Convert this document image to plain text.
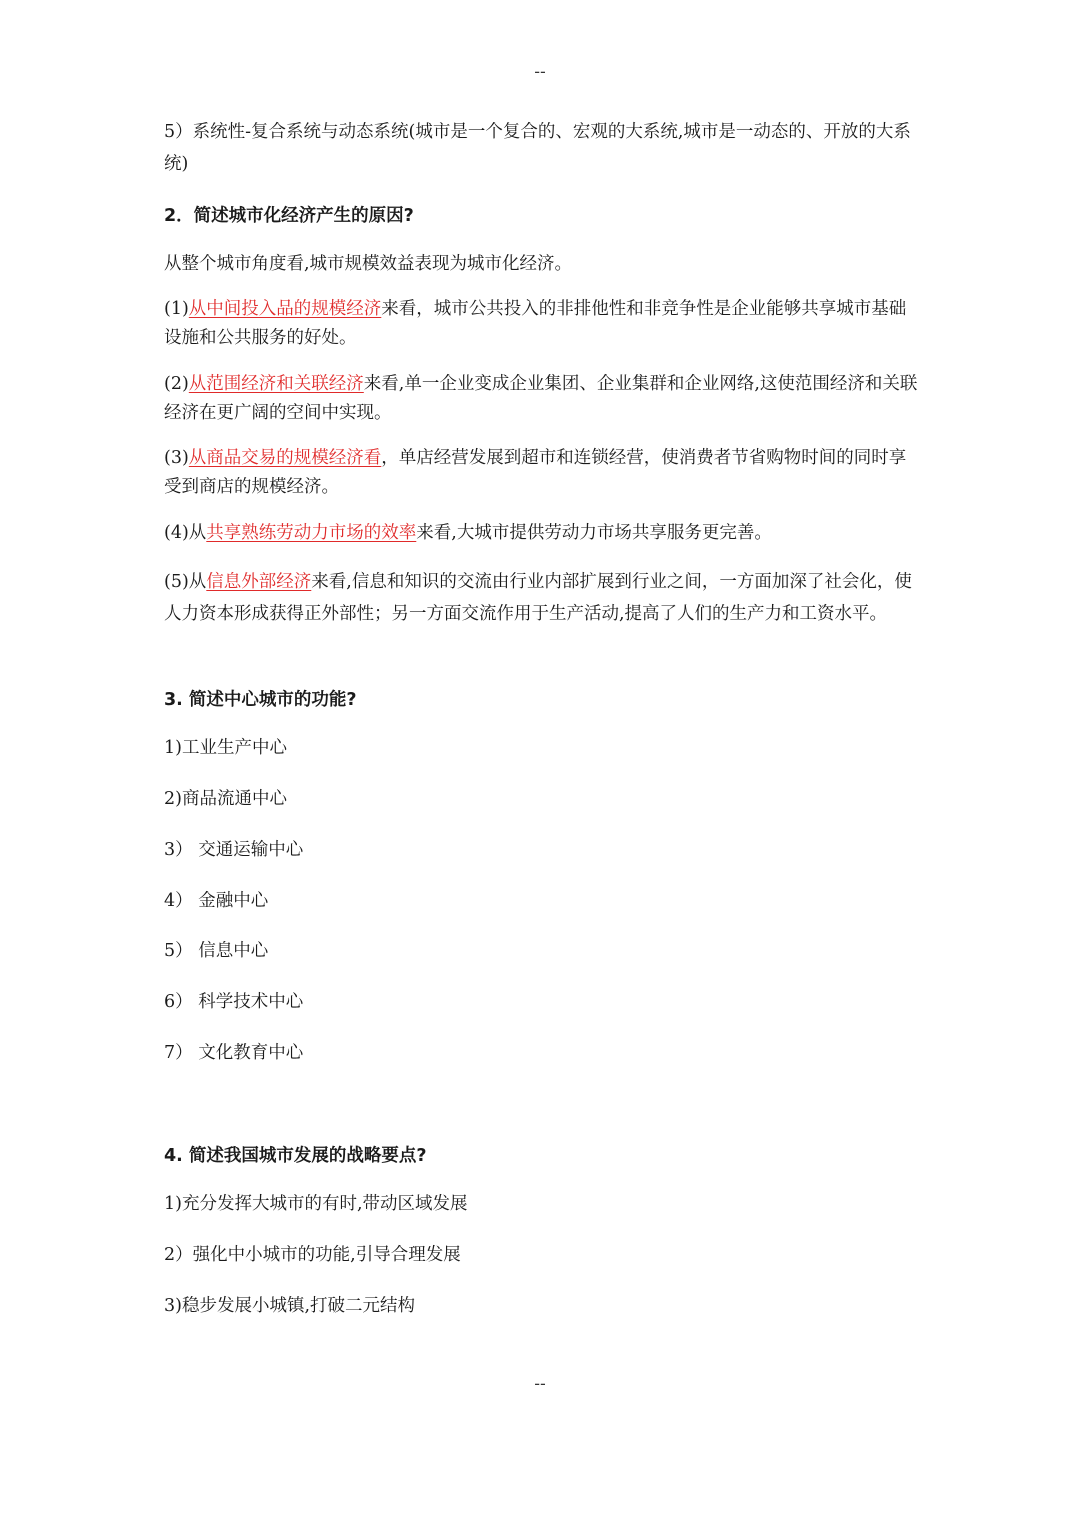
--

5）系统性-复合系统与动态系统(城市是一个复合的、宏观的大系统,城市是一动态的、开放的大系统)

2．简述城市化经济产生的原因?

从整个城市角度看,城市规模效益表现为城市化经济。

(1)从中间投入品的规模经济来看，城市公共投入的非排他性和非竞争性是企业能够共享城市基础设施和公共服务的好处。

(2)从范围经济和关联经济来看,单一企业变成企业集团、企业集群和企业网络,这使范围经济和关联经济在更广阔的空间中实现。

(3)从商品交易的规模经济看，单店经营发展到超市和连锁经营，使消费者节省购物时间的同时享受到商店的规模经济。

(4)从共享熟练劳动力市场的效率来看,大城市提供劳动力市场共享服务更完善。

(5)从信息外部经济来看,信息和知识的交流由行业内部扩展到行业之间，一方面加深了社会化，使人力资本形成获得正外部性；另一方面交流作用于生产活动,提高了人们的生产力和工资水平。

3. 简述中心城市的功能?

1)工业生产中心

2)商品流通中心

3） 交通运输中心

4） 金融中心

5） 信息中心

6） 科学技术中心

7） 文化教育中心

4. 简述我国城市发展的战略要点?

1)充分发挥大城市的有时,带动区域发展

2）强化中小城市的功能,引导合理发展

3)稳步发展小城镇,打破二元结构

--
